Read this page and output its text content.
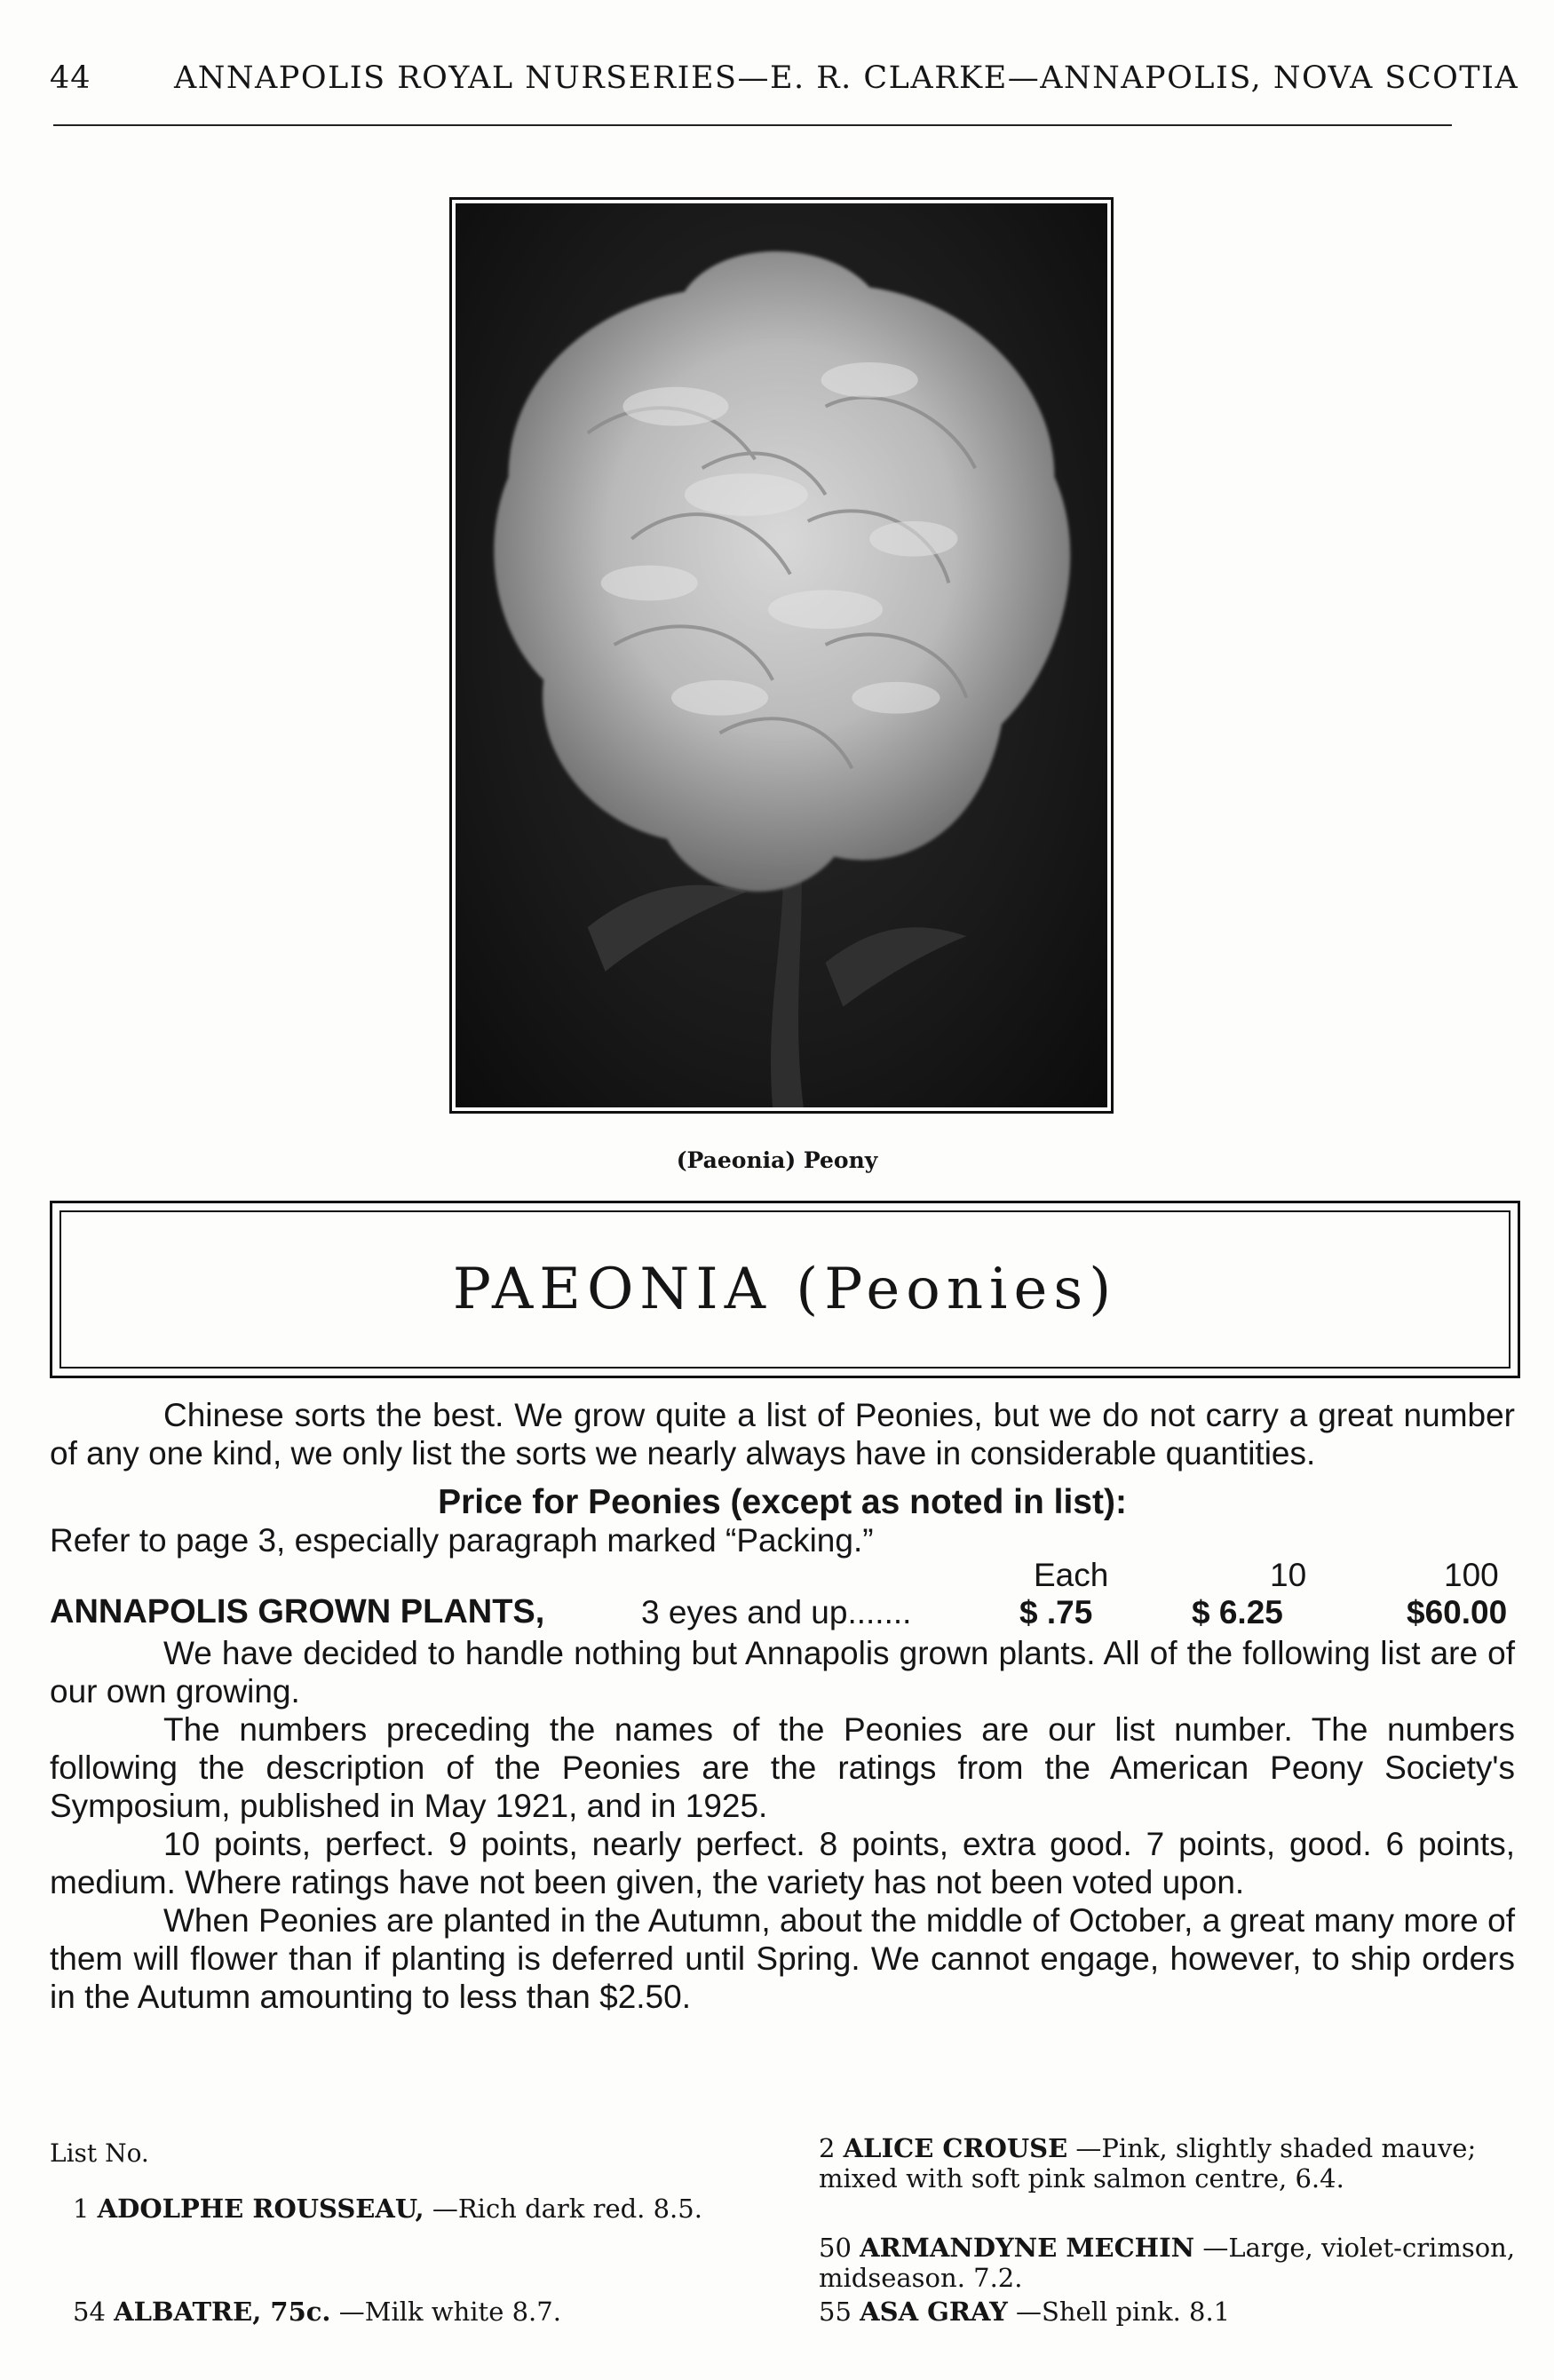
44	ANNAPOLIS ROYAL NURSERIES—E. R. CLARKE—ANNAPOLIS, NOVA SCOTIA
(Paeonia) Peony
PAEONIA (Peonies)

Chinese sorts the best. We grow quite a list of Peonies, but we do not carry a great number of any one kind, we only list the sorts we nearly always have in considerable quantities.

Price for Peonies (except as noted in list):

Refer to page 3, especially paragraph marked “Packing.”

Each	10	100
ANNAPOLIS GROWN PLANTS,	3 eyes and up.......	$ .75	$ 6.25	$60.00

We have decided to handle nothing but Annapolis grown plants. All of the following list are of our own growing.

The numbers preceding the names of the Peonies are our list number. The numbers following the description of the Peonies are the ratings from the American Peony Society's Symposium, published in May 1921, and in 1925.

10 points, perfect. 9 points, nearly perfect. 8 points, extra good. 7 points, good. 6 points, medium. Where ratings have not been given, the variety has not been voted upon.

When Peonies are planted in the Autumn, about the middle of October, a great many more of them will flower than if planting is deferred until Spring. We cannot engage, however, to ship orders in the Autumn amounting to less than $2.50.

List No.
1 ADOLPHE ROUSSEAU, —Rich dark red. 8.5.
54 ALBATRE, 75c. —Milk white 8.7.
2 ALICE CROUSE —Pink, slightly shaded mauve; mixed with soft pink salmon centre, 6.4.
50 ARMANDYNE MECHIN —Large, violet-crimson, midseason. 7.2.
55 ASA GRAY —Shell pink. 8.1
